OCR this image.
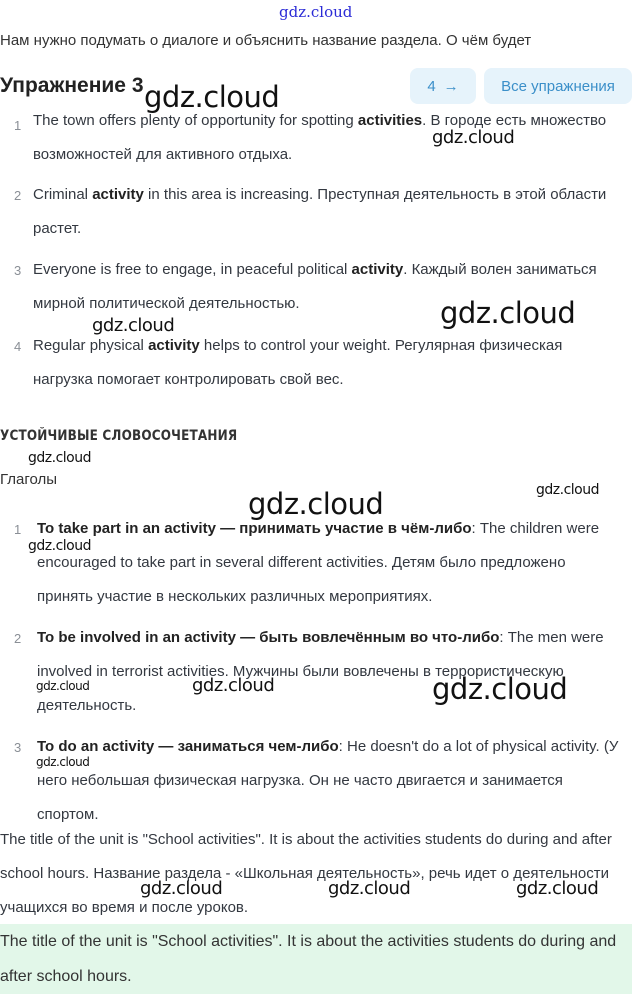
gdz.cloud
Нам нужно подумать о диалоге и объяснить название раздела. О чём будет
1 The town offers plenty of opportunity for spotting activities. В городе есть множество возможностей для активного отдыха.
2 Criminal activity in this area is increasing. Преступная деятельность в этой области растет.
3 Everyone is free to engage, in peaceful political activity. Каждый волен заниматься мирной политической деятельностью.
4 Regular physical activity helps to control your weight. Регулярная физическая нагрузка помогает контролировать свой вес.
Упражнение 3	4 →	Все упражнения
УСТОЙЧИВЫЕ СЛОВОСОЧЕТАНИЯ
Глаголы
1 To take part in an activity — принимать участие в чём-либо: The children were encouraged to take part in several different activities. Детям было предложено принять участие в нескольких различных мероприятиях.
2 To be involved in an activity — быть вовлечённым во что-либо: The men were involved in terrorist activities. Мужчины были вовлечены в террористическую деятельность.
3 To do an activity — заниматься чем-либо: He doesn't do a lot of physical activity. (У него небольшая физическая нагрузка. Он не часто двигается и занимается спортом.
The title of the unit is "School activities". It is about the activities students do during and after school hours. Название раздела - «Школьная деятельность», речь идет о деятельности учащихся во время и после уроков.

The title of the unit is "School activities". It is about the activities students do during and after school hours.

gdz.cloud
gdz.cloud
gdz.cloud
gdz.cloud
gdz.cloud
gdz.cloud	gdz.cloud
gdz.cloud
gdz.cloud	gdz.cloud	gdz.cloud
gdz.cloud
gdz.cloud	gdz.cloud	gdz.cloud
